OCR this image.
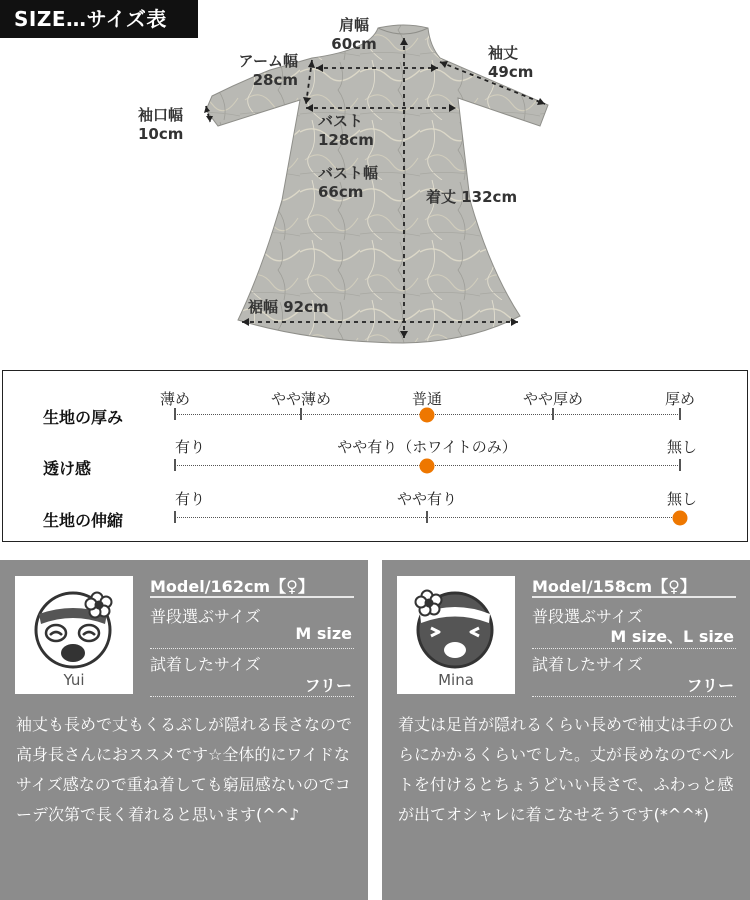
SIZE…サイズ表	肩幅
60cm
アーム幅
28cm
袖丈
49cm
袖口幅
10cm
バスト
128cm
バスト幅
66cm	着丈 132cm
裾幅 92cm
生地の厚み
薄め	やや薄め	普通	やや厚め	厚め
透け感
有り	やや有り（ホワイトのみ）	無し
生地の伸縮
有り	やや有り	無し
Yui
Model/162cm【♀】
普段選ぶサイズ
M size
試着したサイズ
フリー
袖丈も長めで丈もくるぶしが隠れる長さなので高身長さんにおススメです☆全体的にワイドなサイズ感なので重ね着しても窮屈感ないのでコーデ次第で長く着れると思います(^^♪
Mina
Model/158cm【♀】
普段選ぶサイズ
M size、L size
試着したサイズ
フリー
着丈は足首が隠れるくらい長めで袖丈は手のひらにかかるくらいでした。丈が長めなのでベルトを付けるとちょうどいい長さで、ふわっと感が出てオシャレに着こなせそうです(*^^*)
